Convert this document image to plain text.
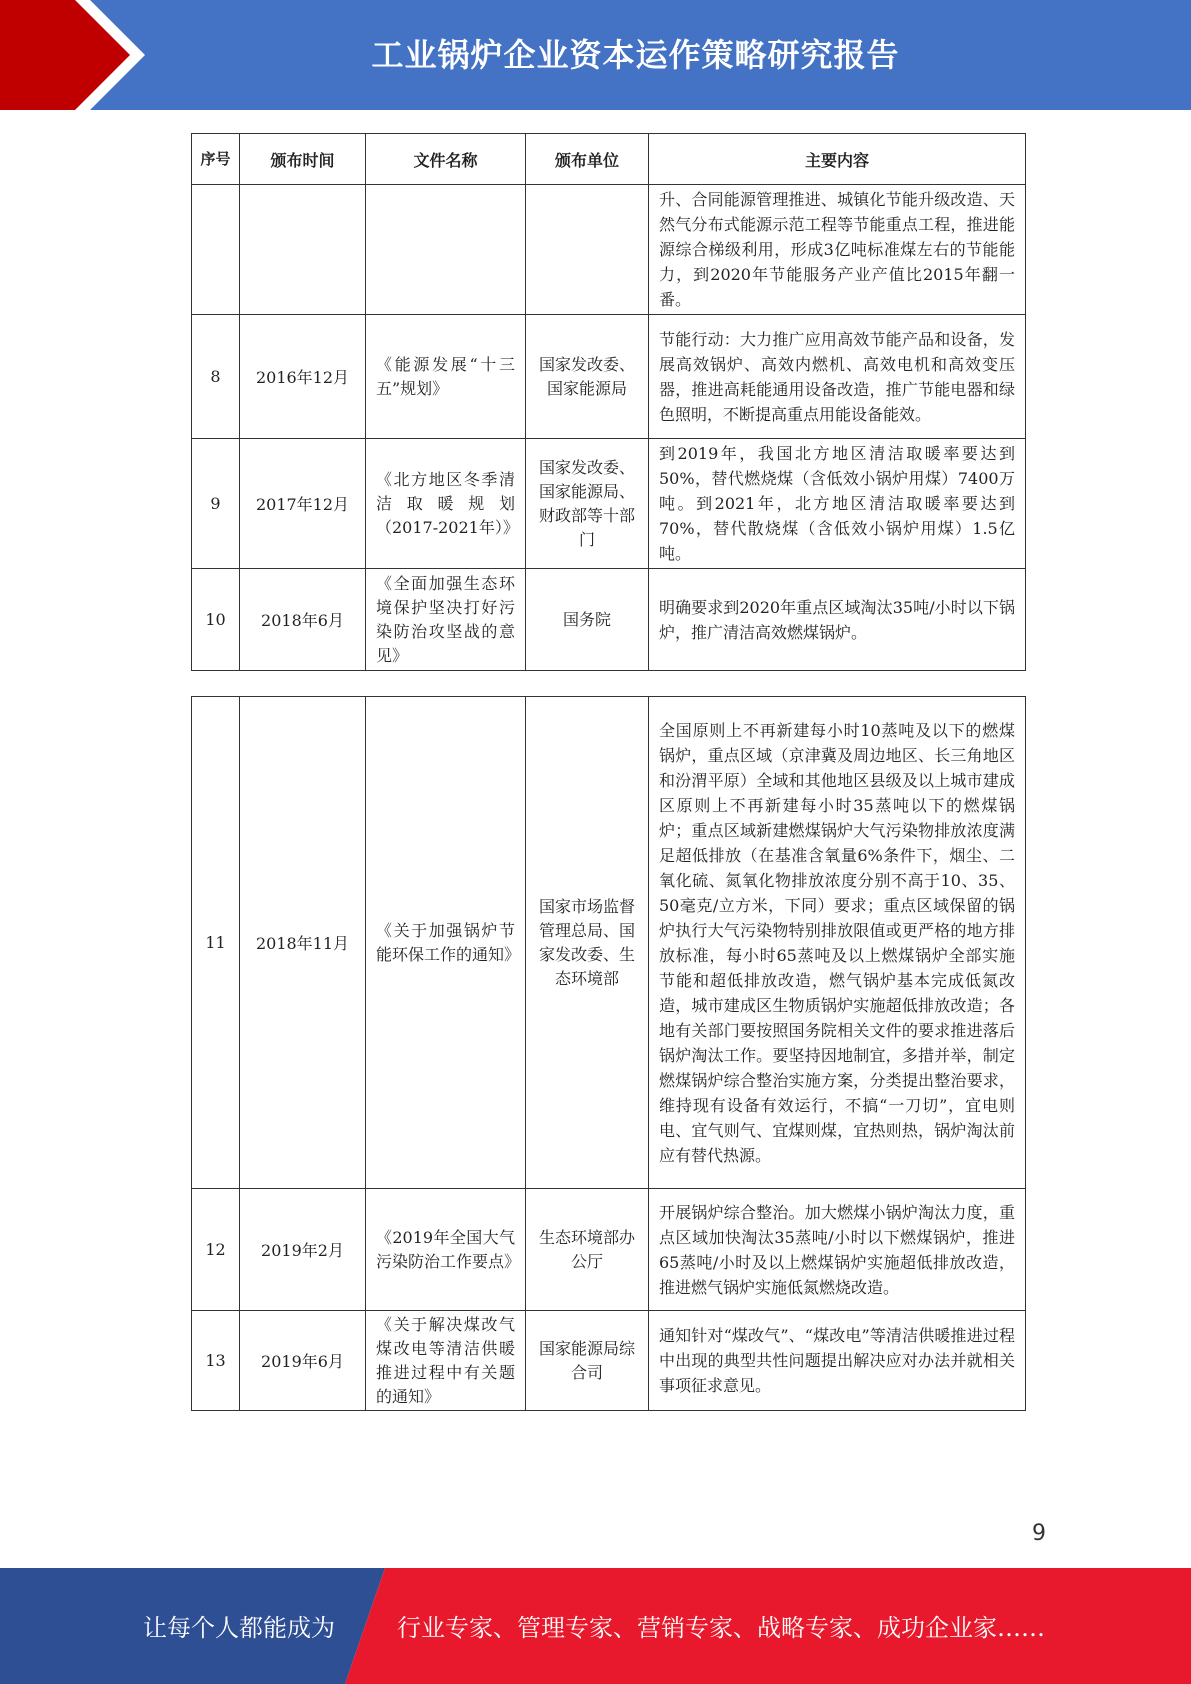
工业锅炉企业资本运作策略研究报告
序号	颁布时间	文件名称	颁布单位	主要内容
				升、合同能源管理推进、城镇化节能升级改造、天然气分布式能源示范工程等节能重点工程，推进能源综合梯级利用，形成3亿吨标准煤左右的节能能力，到2020年节能服务产业产值比2015年翻一番。
8	2016年12月	《能源发展“十三五”规划》	国家发改委、国家能源局	节能行动：大力推广应用高效节能产品和设备，发展高效锅炉、高效内燃机、高效电机和高效变压器，推进高耗能通用设备改造，推广节能电器和绿色照明，不断提高重点用能设备能效。
9	2017年12月	《北方地区冬季清洁取暖规划（2017-2021年）》	国家发改委、国家能源局、财政部等十部门	到2019年，我国北方地区清洁取暖率要达到50%，替代燃烧煤（含低效小锅炉用煤）7400万吨。到2021年，北方地区清洁取暖率要达到70%，替代散烧煤（含低效小锅炉用煤）1.5亿吨。
10	2018年6月	《全面加强生态环境保护坚决打好污染防治攻坚战的意见》	国务院	明确要求到2020年重点区域淘汰35吨/小时以下锅炉，推广清洁高效燃煤锅炉。
11	2018年11月	《关于加强锅炉节能环保工作的通知》	国家市场监督管理总局、国家发改委、生态环境部	全国原则上不再新建每小时10蒸吨及以下的燃煤锅炉，重点区域（京津冀及周边地区、长三角地区和汾渭平原）全域和其他地区县级及以上城市建成区原则上不再新建每小时35蒸吨以下的燃煤锅炉；重点区域新建燃煤锅炉大气污染物排放浓度满足超低排放（在基准含氧量6%条件下，烟尘、二氧化硫、氮氧化物排放浓度分别不高于10、35、50毫克/立方米，下同）要求；重点区域保留的锅炉执行大气污染物特别排放限值或更严格的地方排放标准，每小时65蒸吨及以上燃煤锅炉全部实施节能和超低排放改造，燃气锅炉基本完成低氮改造，城市建成区生物质锅炉实施超低排放改造；各地有关部门要按照国务院相关文件的要求推进落后锅炉淘汰工作。要坚持因地制宜，多措并举，制定燃煤锅炉综合整治实施方案，分类提出整治要求，维持现有设备有效运行，不搞“一刀切”，宜电则电、宜气则气、宜煤则煤，宜热则热，锅炉淘汰前应有替代热源。
12	2019年2月	《2019年全国大气污染防治工作要点》	生态环境部办公厅	开展锅炉综合整治。加大燃煤小锅炉淘汰力度，重点区域加快淘汰35蒸吨/小时以下燃煤锅炉，推进65蒸吨/小时及以上燃煤锅炉实施超低排放改造，推进燃气锅炉实施低氮燃烧改造。
13	2019年6月	《关于解决煤改气煤改电等清洁供暖推进过程中有关题的通知》	国家能源局综合司	通知针对“煤改气”、“煤改电”等清洁供暖推进过程中出现的典型共性问题提出解决应对办法并就相关事项征求意见。
9
让每个人都能成为	行业专家、管理专家、营销专家、战略专家、成功企业家……
